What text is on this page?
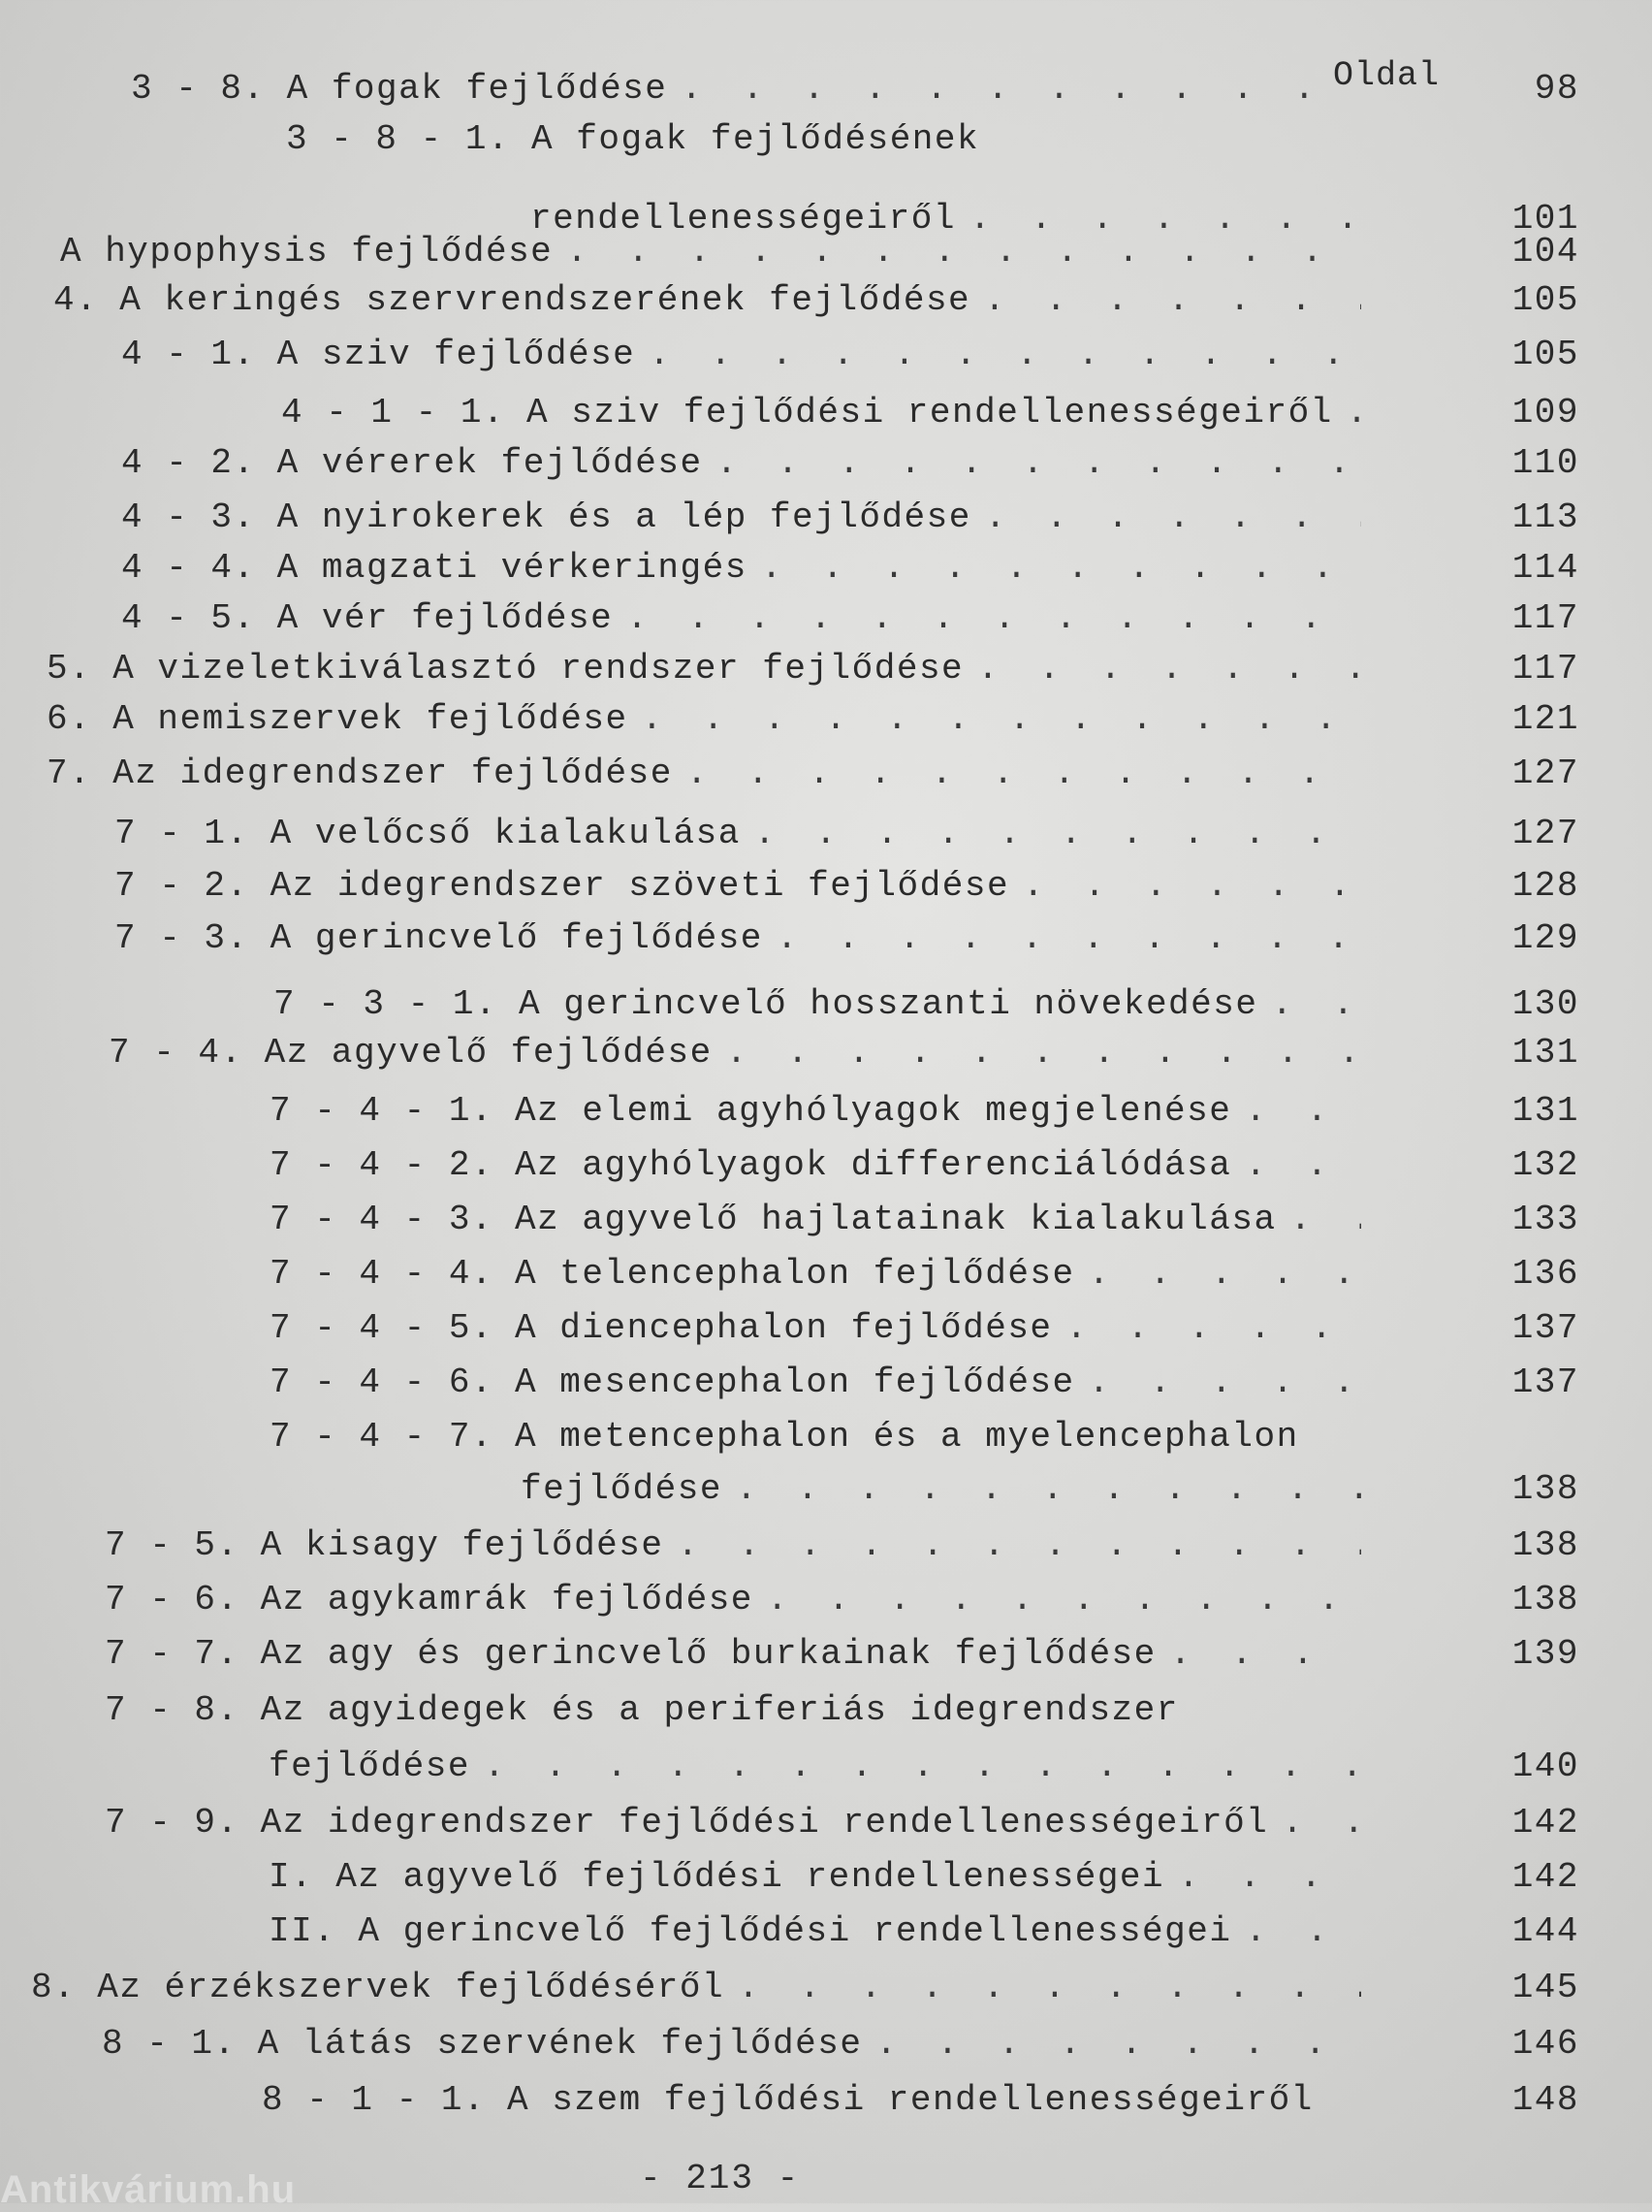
Oldal
3 - 8. A fogak fejlődése . . .	98
3 - 8 - 1. A fogak fejlődésének
rendellenességeiről . . .	101
A hypophysis fejlődése . . .	104
4. A keringés szervrendszerének fejlődése . . .	105
4 - 1. A sziv fejlődése . . .	105
4 - 1 - 1. A sziv fejlődési rendellenességeiről . . .	109
4 - 2. A vérerek fejlődése . . .	110
4 - 3. A nyirokerek és a lép fejlődése . . .	113
4 - 4. A magzati vérkeringés . . .	114
4 - 5. A vér fejlődése . . .	117
5. A vizeletkiválasztó rendszer fejlődése . . .	117
6. A nemiszervek fejlődése . . .	121
7. Az idegrendszer fejlődése . . .	127
7 - 1. A velőcső kialakulása . . .	127
7 - 2. Az idegrendszer szöveti fejlődése . . .	128
7 - 3. A gerincvelő fejlődése . . .	129
7 - 3 - 1. A gerincvelő hosszanti növekedése . . .	130
7 - 4. Az agyvelő fejlődése . . .	131
7 - 4 - 1. Az elemi agyhólyagok megjelenése . . .	131
7 - 4 - 2. Az agyhólyagok differenciálódása . . .	132
7 - 4 - 3. Az agyvelő hajlatainak kialakulása . . .	133
7 - 4 - 4. A telencephalon fejlődése . . .	136
7 - 4 - 5. A diencephalon fejlődése . . .	137
7 - 4 - 6. A mesencephalon fejlődése . . .	137
7 - 4 - 7. A metencephalon és a myelencephalon
fejlődése . . .	138
7 - 5. A kisagy fejlődése . . .	138
7 - 6. Az agykamrák fejlődése . . .	138
7 - 7. Az agy és gerincvelő burkainak fejlődése . . .	139
7 - 8. Az agyidegek és a periferiás idegrendszer
fejlődése . . .	140
7 - 9. Az idegrendszer fejlődési rendellenességeiről . . .	142
I. Az agyvelő fejlődési rendellenességei . . .	142
II. A gerincvelő fejlődési rendellenességei . . .	144
8. Az érzékszervek fejlődéséről . . .	145
8 - 1. A látás szervének fejlődése . . .	146
8 - 1 - 1. A szem fejlődési rendellenességeiről	148
- 213 -
Antikvárium.hu
